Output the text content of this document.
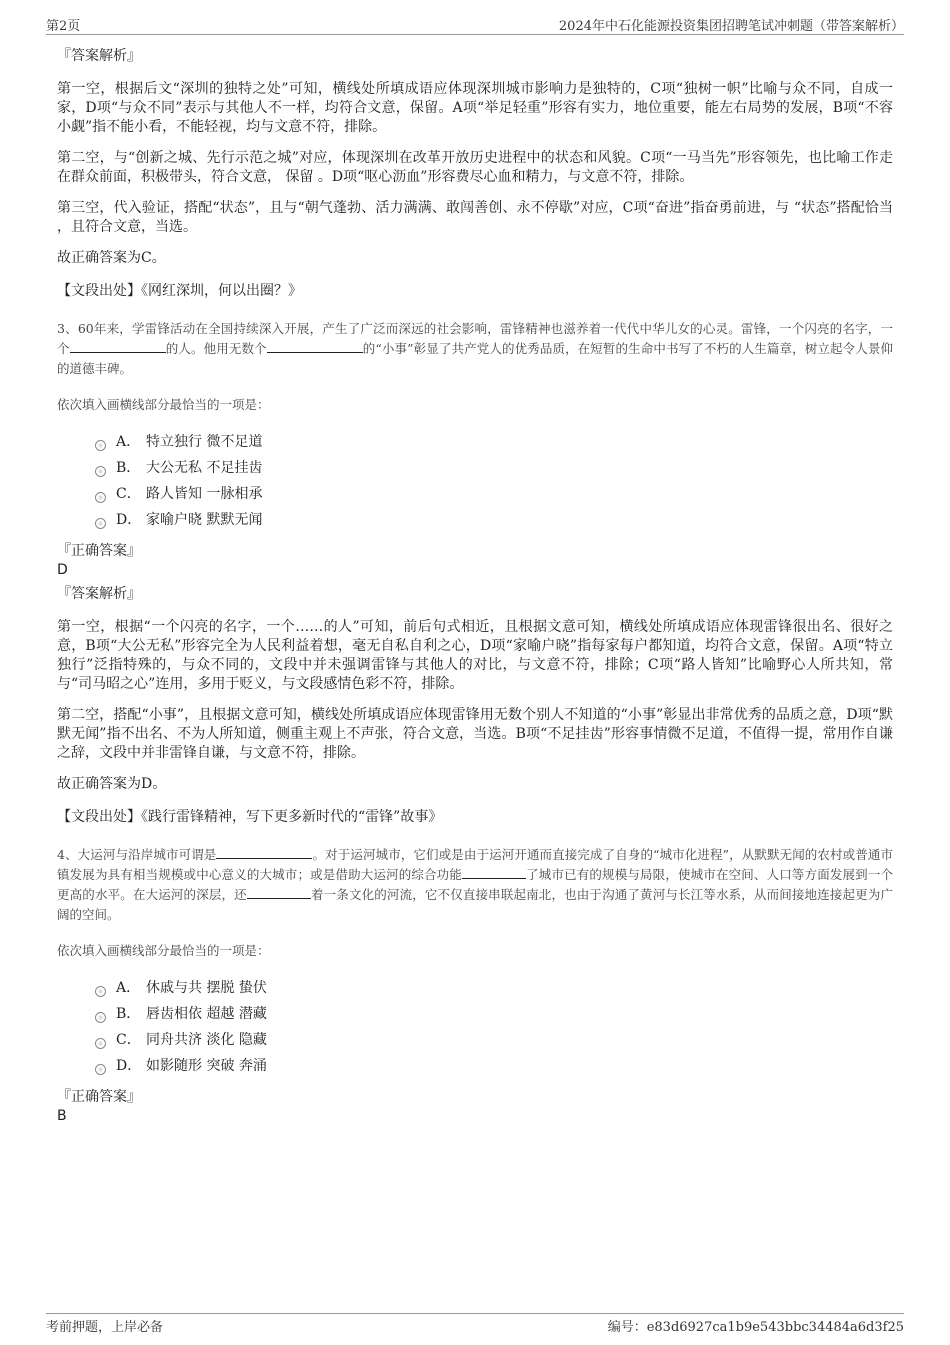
第2页	2024年中石化能源投资集团招聘笔试冲刺题（带答案解析）
『答案解析』

第一空，根据后文“深圳的独特之处”可知，横线处所填成语应体现深圳城市影响力是独特的，C项“独树一帜”比喻与众不同，自成一家，D项“与众不同”表示与其他人不一样，均符合文意，保留。A项“举足轻重”形容有实力，地位重要，能左右局势的发展，B项“不容小觑”指不能小看，不能轻视，均与文意不符，排除。

第二空，与“创新之城、先行示范之城”对应，体现深圳在改革开放历史进程中的状态和风貌。C项“一马当先”形容领先，也比喻工作走在群众前面，积极带头，符合文意， 保留 。D项“呕心沥血”形容费尽心血和精力，与文意不符，排除。

第三空，代入验证，搭配“状态”，且与“朝气蓬勃、活力满满、敢闯善创、永不停歇”对应，C项“奋进”指奋勇前进，与 “状态”搭配恰当 ，且符合文意，当选。

故正确答案为C。

【文段出处】《网红深圳，何以出圈？》

3、60年来，学雷锋活动在全国持续深入开展，产生了广泛而深远的社会影响，雷锋精神也滋养着一代代中华儿女的心灵。雷锋，一个闪亮的名字，一个	的人。他用无数个	的“小事”彰显了共产党人的优秀品质，在短暂的生命中书写了不朽的人生篇章，树立起令人景仰的道德丰碑。

依次填入画横线部分最恰当的一项是：

A． 特立独行 微不足道
B． 大公无私 不足挂齿
C． 路人皆知 一脉相承
D． 家喻户晓 默默无闻
『正确答案』
D
『答案解析』

第一空，根据“一个闪亮的名字，一个……的人”可知，前后句式相近，且根据文意可知，横线处所填成语应体现雷锋很出名、很好之意，B项“大公无私”形容完全为人民利益着想，毫无自私自利之心，D项“家喻户晓”指每家每户都知道，均符合文意，保留。A项“特立独行”泛指特殊的，与众不同的，文段中并未强调雷锋与其他人的对比，与文意不符，排除；C项“路人皆知”比喻野心人所共知，常与“司马昭之心”连用，多用于贬义，与文段感情色彩不符，排除。

第二空，搭配“小事”，且根据文意可知，横线处所填成语应体现雷锋用无数个别人不知道的“小事”彰显出非常优秀的品质之意，D项“默默无闻”指不出名、不为人所知道，侧重主观上不声张，符合文意，当选。B项“不足挂齿”形容事情微不足道，不值得一提，常用作自谦之辞，文段中并非雷锋自谦，与文意不符，排除。

故正确答案为D。

【文段出处】《践行雷锋精神，写下更多新时代的“雷锋”故事》

4、大运河与沿岸城市可谓是	。对于运河城市，它们或是由于运河开通而直接完成了自身的“城市化进程”，从默默无闻的农村或普通市镇发展为具有相当规模或中心意义的大城市；或是借助大运河的综合功能	了城市已有的规模与局限，使城市在空间、人口等方面发展到一个更高的水平。在大运河的深层，还	着一条文化的河流，它不仅直接串联起南北，也由于沟通了黄河与长江等水系，从而间接地连接起更为广阔的空间。

依次填入画横线部分最恰当的一项是：

A． 休戚与共 摆脱 蛰伏
B． 唇齿相依 超越 潜藏
C． 同舟共济 淡化 隐藏
D． 如影随形 突破 奔涌
『正确答案』
B
考前押题，上岸必备	编号：e83d6927ca1b9e543bbc34484a6d3f25
